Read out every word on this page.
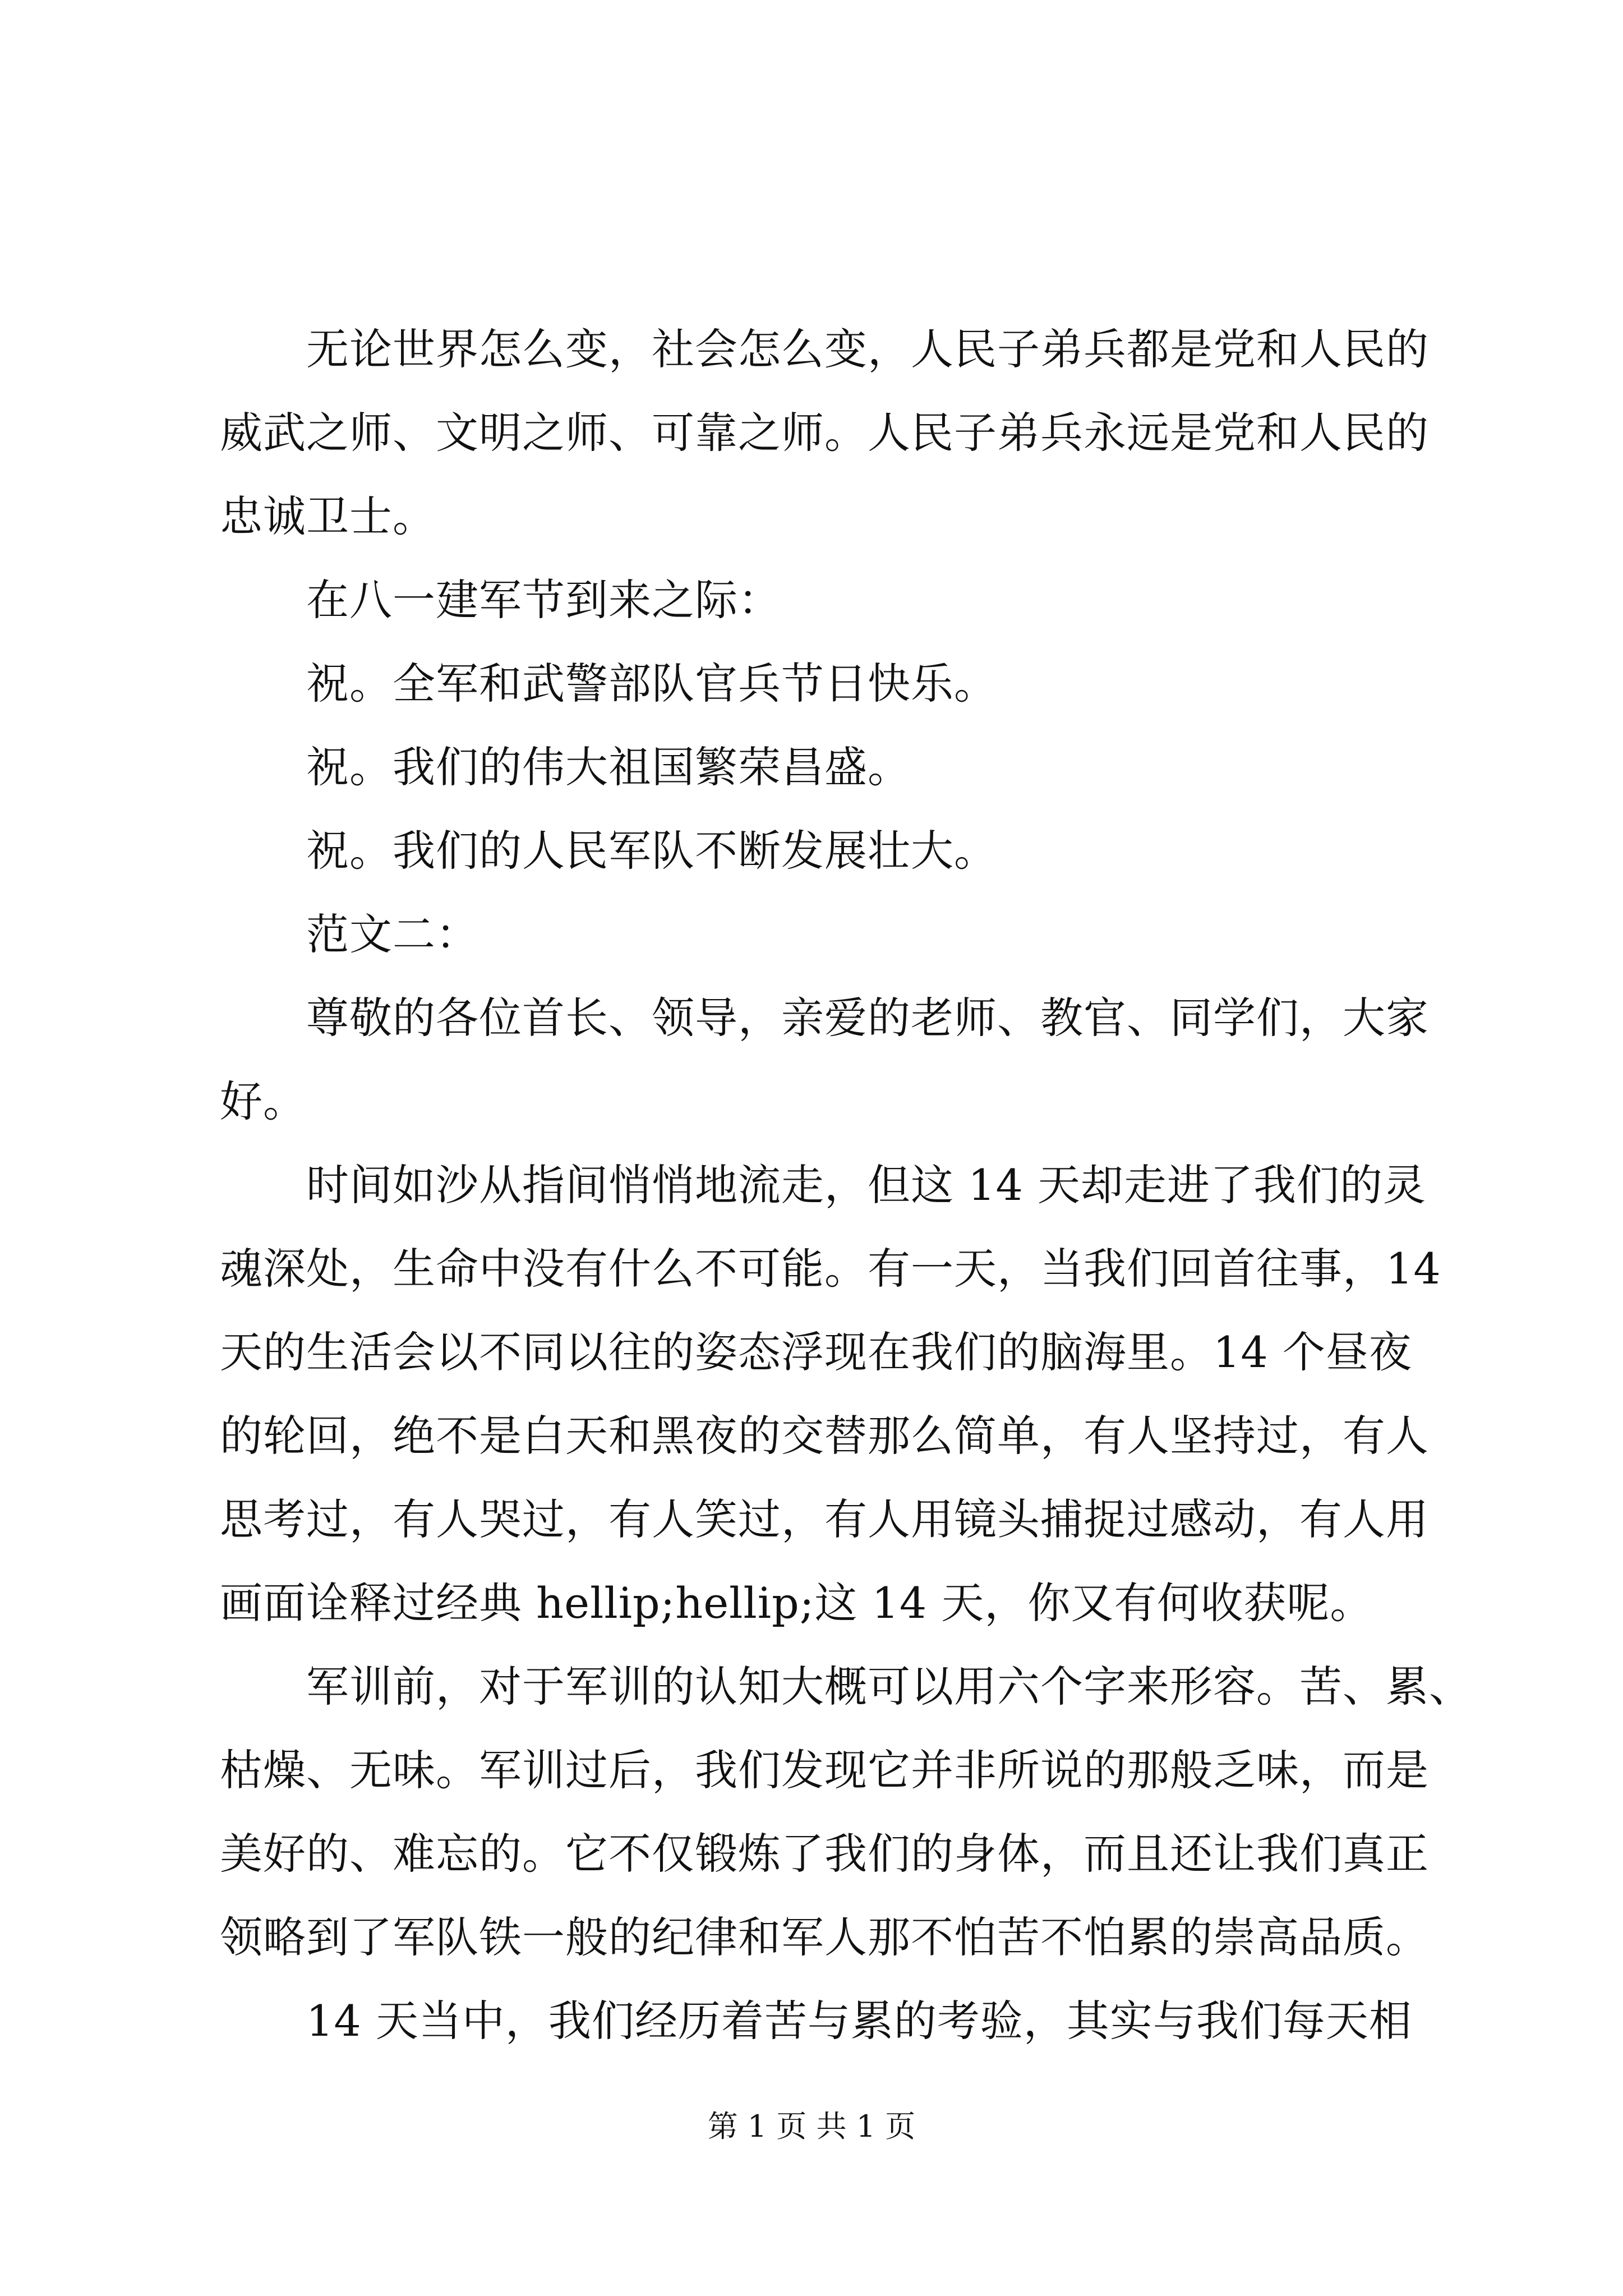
无论世界怎么变，社会怎么变，人民子弟兵都是党和人民的
威武之师、文明之师、可靠之师。人民子弟兵永远是党和人民的
忠诚卫士。
在八一建军节到来之际：
祝。全军和武警部队官兵节日快乐。
祝。我们的伟大祖国繁荣昌盛。
祝。我们的人民军队不断发展壮大。
范文二：
尊敬的各位首长、领导，亲爱的老师、教官、同学们，大家
好。
时间如沙从指间悄悄地流走，但这 14 天却走进了我们的灵
魂深处，生命中没有什么不可能。有一天，当我们回首往事，14
天的生活会以不同以往的姿态浮现在我们的脑海里。14 个昼夜
的轮回，绝不是白天和黑夜的交替那么简单，有人坚持过，有人
思考过，有人哭过，有人笑过，有人用镜头捕捉过感动，有人用
画面诠释过经典 hellip;hellip;这 14 天，你又有何收获呢。
军训前，对于军训的认知大概可以用六个字来形容。苦、累、
枯燥、无味。军训过后，我们发现它并非所说的那般乏味，而是
美好的、难忘的。它不仅锻炼了我们的身体，而且还让我们真正
领略到了军队铁一般的纪律和军人那不怕苦不怕累的崇高品质。
14 天当中，我们经历着苦与累的考验，其实与我们每天相
第 1 页 共 1 页
